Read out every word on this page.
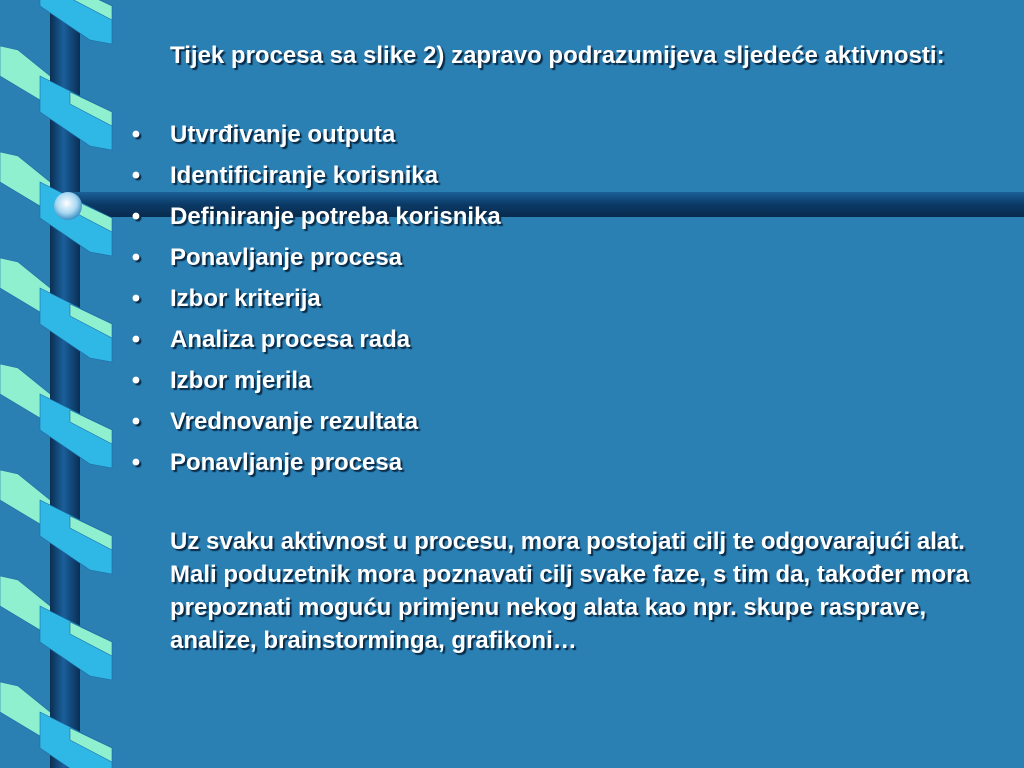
Tijek procesa sa slike 2) zapravo podrazumijeva sljedeće aktivnosti:

• Utvrđivanje outputa
• Identificiranje korisnika
• Definiranje potreba korisnika
• Ponavljanje procesa
• Izbor kriterija
• Analiza procesa rada
• Izbor mjerila
• Vrednovanje rezultata
• Ponavljanje procesa

Uz svaku aktivnost u procesu, mora postojati cilj te odgovarajući alat. Mali poduzetnik mora poznavati cilj svake faze, s tim da, također mora prepoznati moguću primjenu nekog alata kao npr. skupe rasprave, analize, brainstorminga, grafikoni…
